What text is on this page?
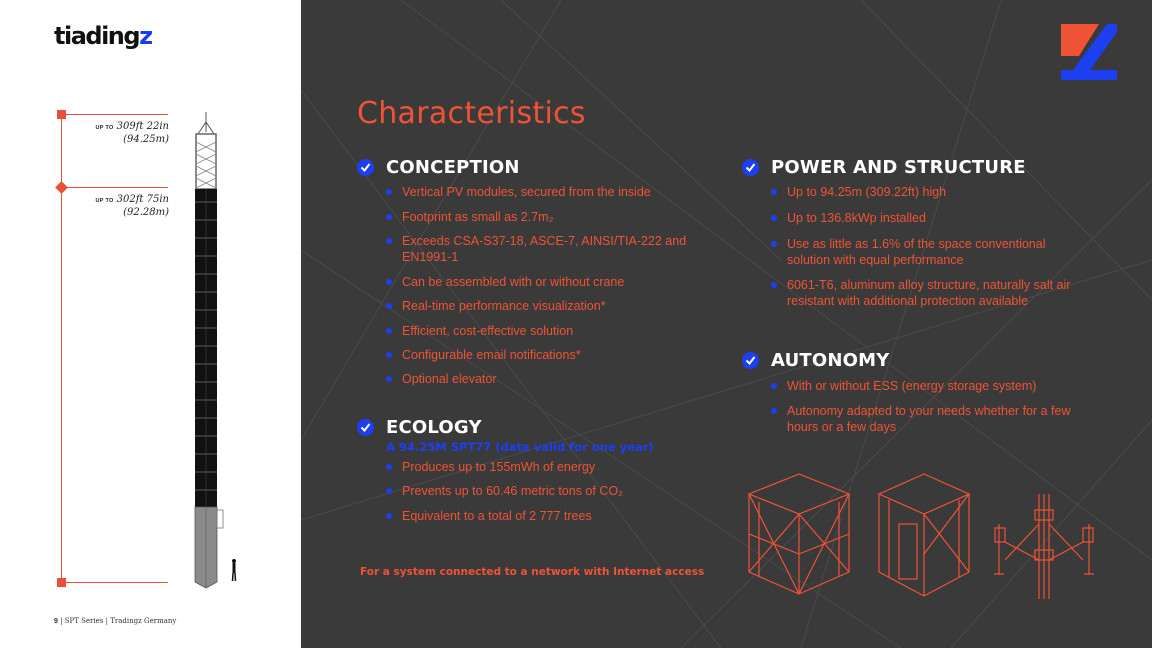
tiadingz
UP TO 309ft 22in
(94.25m)
UP TO 302ft 75in
(92.28m)
9 | SPT Series | Tradingz Germany
Characteristics
CONCEPTION
Vertical PV modules, secured from the inside
Footprint as small as 2.7m₂
Exceeds CSA-S37-18, ASCE-7, AINSI/TIA-222 and EN1991-1
Can be assembled with or without crane
Real-time performance visualization*
Efficient, cost-effective solution
Configurable email notifications*
Optional elevator
ECOLOGY
A 94.25M SPT77 (data valid for one year)
Produces up to 155mWh of energy
Prevents up to 60.46 metric tons of CO₂
Equivalent to a total of 2 777 trees
POWER AND STRUCTURE
Up to 94.25m (309.22ft) high
Up to 136.8kWp installed
Use as little as 1.6% of the space conventional solution with equal performance
6061-T6, aluminum alloy structure, naturally salt air resistant with additional protection available
AUTONOMY
With or without ESS (energy storage system)
Autonomy adapted to your needs whether for a few hours or a few days
For a system connected to a network with Internet access
